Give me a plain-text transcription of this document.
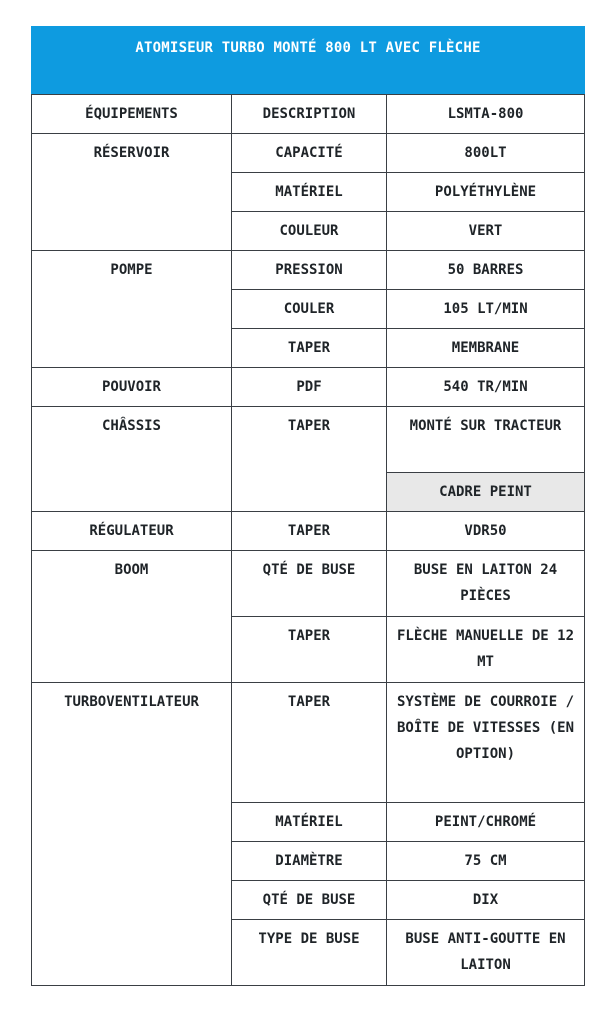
ATOMISEUR TURBO MONTÉ 800 LT AVEC FLÈCHE		
ÉQUIPEMENTS	DESCRIPTION	LSMTA-800
RÉSERVOIR	CAPACITÉ	800LT
	MATÉRIEL	POLYÉTHYLÈNE
	COULEUR	VERT
POMPE	PRESSION	50 BARRES
	COULER	105 LT/MIN
	TAPER	MEMBRANE
POUVOIR	PDF	540 TR/MIN
CHÂSSIS	TAPER	MONTÉ SUR TRACTEUR
		CADRE PEINT
RÉGULATEUR	TAPER	VDR50
BOOM	QTÉ DE BUSE	BUSE EN LAITON 24 PIÈCES
	TAPER	FLÈCHE MANUELLE DE 12 MT
TURBOVENTILATEUR	TAPER	SYSTÈME DE COURROIE / BOÎTE DE VITESSES (EN OPTION)
	MATÉRIEL	PEINT/CHROMÉ
	DIAMÈTRE	75 CM
	QTÉ DE BUSE	DIX
	TYPE DE BUSE	BUSE ANTI-GOUTTE EN LAITON
